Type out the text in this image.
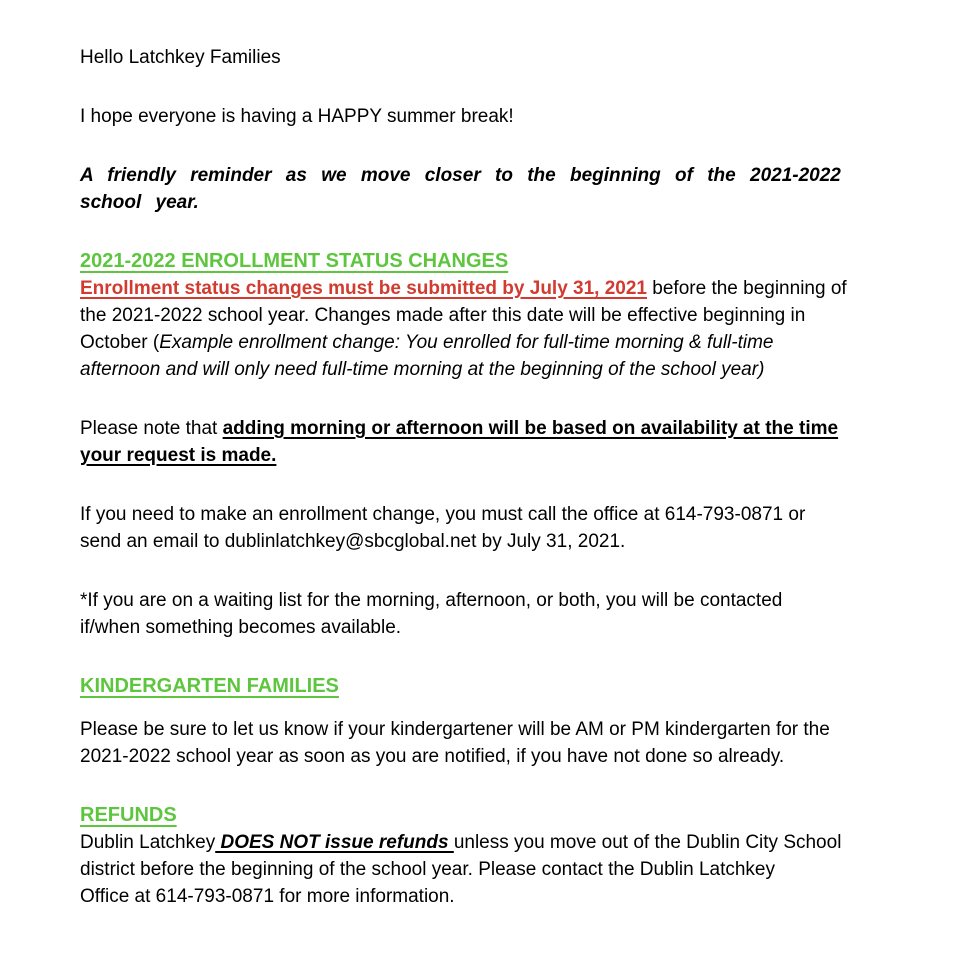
Hello Latchkey Families

I hope everyone is having a HAPPY summer break!

A friendly reminder as we move closer to the beginning of the 2021-2022
school year.

2021-2022 ENROLLMENT STATUS CHANGES

Enrollment status changes must be submitted by July 31, 2021 before the beginning of
the 2021-2022 school year. Changes made after this date will be effective beginning in
October (Example enrollment change: You enrolled for full-time morning & full-time
afternoon and will only need full-time morning at the beginning of the school year)

Please note that adding morning or afternoon will be based on availability at the time
your request is made.

If you need to make an enrollment change, you must call the office at 614-793-0871 or
send an email to dublinlatchkey@sbcglobal.net by July 31, 2021.

*If you are on a waiting list for the morning, afternoon, or both, you will be contacted
if/when something becomes available.

KINDERGARTEN FAMILIES

Please be sure to let us know if your kindergartener will be AM or PM kindergarten for the
2021-2022 school year as soon as you are notified, if you have not done so already.

REFUNDS

Dublin Latchkey DOES NOT issue refunds unless you move out of the Dublin City School
district before the beginning of the school year. Please contact the Dublin Latchkey
Office at 614-793-0871 for more information.
